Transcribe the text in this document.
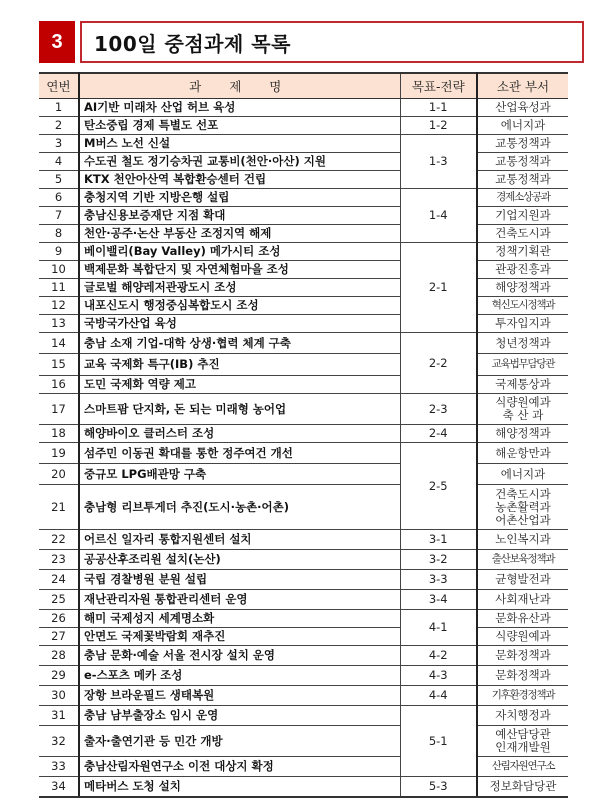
3	100일 중점과제 목록
연번	과 제 명	목표-전략	소관 부서
1	AI기반 미래차 산업 허브 육성	1-1	산업육성과

2	탄소중립 경제 특별도 선포	1-2	에너지과

3	M버스 노선 신설	1-3	교통정책과

4	수도권 철도 정기승차권 교통비(천안·아산) 지원		교통정책과

5	KTX 천안아산역 복합환승센터 건립		교통정책과

6	충청지역 기반 지방은행 설립	1-4	경제소상공과

7	충남신용보증재단 지점 확대		기업지원과

8	천안·공주·논산 부동산 조정지역 해제		건축도시과

9	베이밸리(Bay Valley) 메가시티 조성	2-1	정책기획관

10	백제문화 복합단지 및 자연체험마을 조성		관광진흥과

11	글로벌 해양레저관광도시 조성		해양정책과

12	내포신도시 행정중심복합도시 조성		혁신도시정책과

13	국방국가산업 육성		투자입지과

14	충남 소재 기업-대학 상생·협력 체계 구축	2-2	청년정책과

15	교육 국제화 특구(IB) 추진		교육법무담당관

16	도민 국제화 역량 제고		국제통상과

17	스마트팜 단지화, 돈 되는 미래형 농어업	2-3	식량원예과
축 산 과

18	해양바이오 클러스터 조성	2-4	해양정책과

19	섬주민 이동권 확대를 통한 정주여건 개선	2-5	해운항만과

20	중규모 LPG배관망 구축		에너지과

21	충남형 리브투게더 추진(도시·농촌·어촌)		건축도시과
농촌활력과
어촌산업과

22	어르신 일자리 통합지원센터 설치	3-1	노인복지과

23	공공산후조리원 설치(논산)	3-2	출산보육정책과

24	국립 경찰병원 분원 설립	3-3	균형발전과

25	재난관리자원 통합관리센터 운영	3-4	사회재난과

26	해미 국제성지 세계명소화	4-1	문화유산과

27	안면도 국제꽃박람회 재추진		식량원예과

28	충남 문화·예술 서울 전시장 설치 운영	4-2	문화정책과

29	e-스포츠 메카 조성	4-3	문화정책과

30	장항 브라운필드 생태복원	4-4	기후환경정책과

31	충남 남부출장소 임시 운영	5-1	자치행정과

32	출자·출연기관 등 민간 개방		예산담당관
인재개발원

33	충남산림자원연구소 이전 대상지 확정		산림자원연구소

34	메타버스 도청 설치	5-3	정보화담당관
